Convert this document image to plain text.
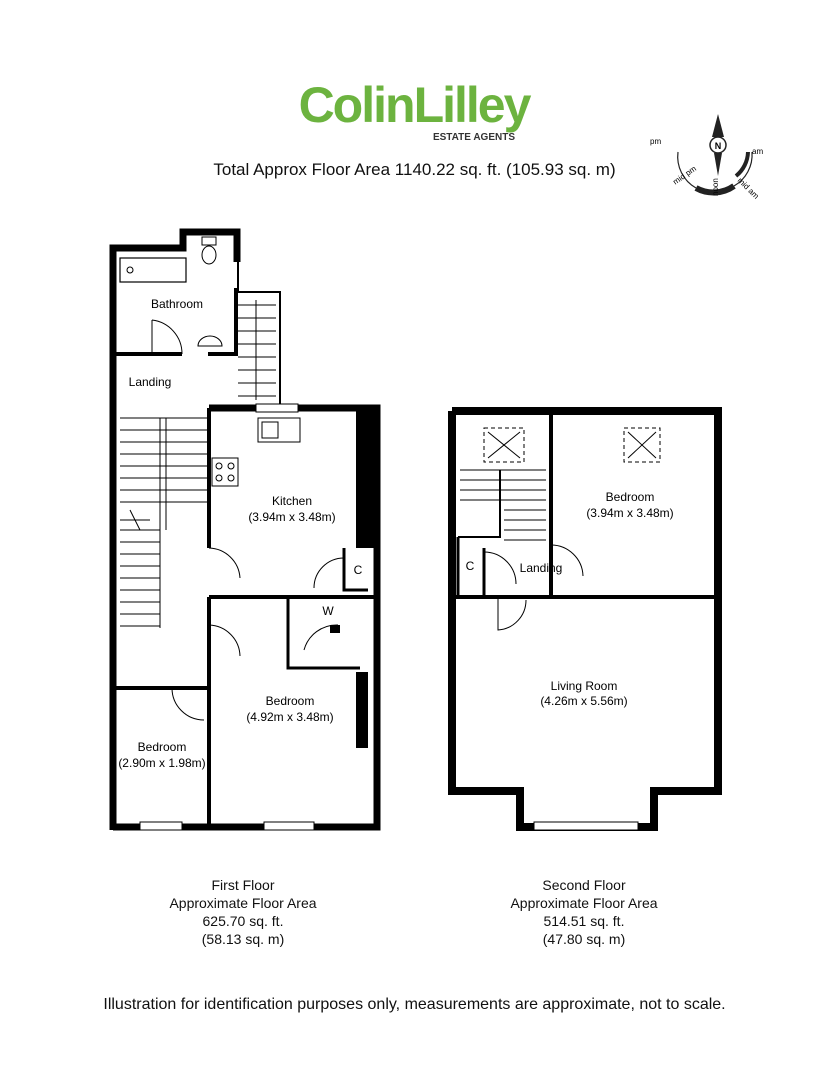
ColinLilley
ESTATE AGENTS
Total Approx Floor Area 1140.22 sq. ft. (105.93 sq. m)
N
pm
am
mid pm
noon mid am
Bathroom
Landing
Kitchen
(3.94m x 3.48m)
C
W
Bedroom
(4.92m x 3.48m)
Bedroom
(2.90m x 1.98m)
Bedroom
(3.94m x 3.48m)
C	Landing
Living Room
(4.26m x 5.56m)
First Floor
Approximate Floor Area
625.70 sq. ft.
(58.13 sq. m)
Second Floor
Approximate Floor Area
514.51 sq. ft.
(47.80 sq. m)
Illustration for identification purposes only, measurements are approximate, not to scale.
